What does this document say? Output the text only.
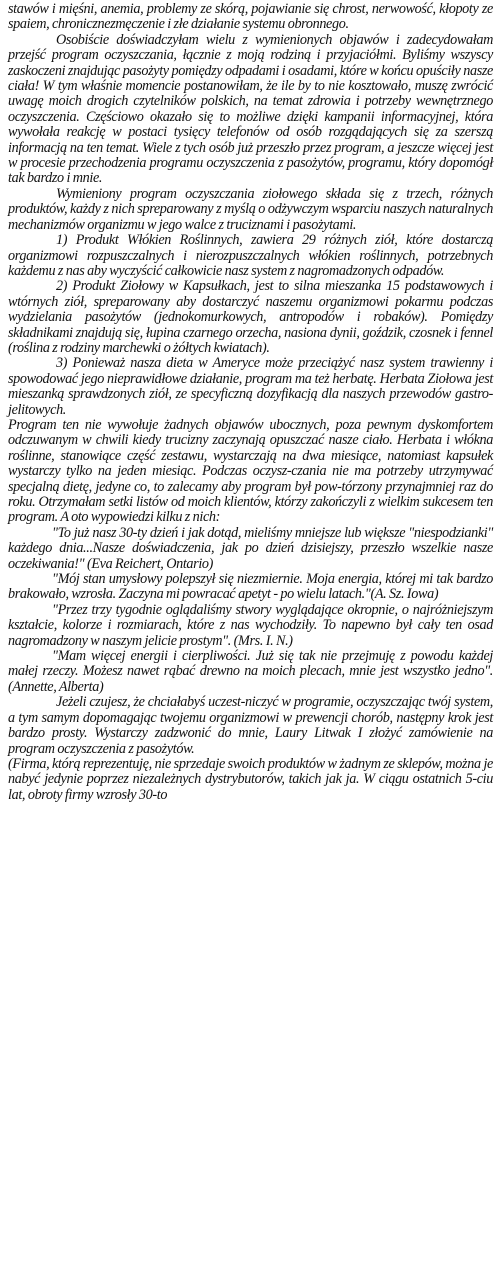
stawów i mięśni, anemia, problemy ze skórą, pojawianie się chrost, nerwowość, kłopoty ze spaiem, chronicznezmęczenie i złe działanie systemu obronnego.

Osobiście doświadczyłam wielu z wymienionych objawów i zadecydowałam przejść program oczyszczania, łącznie z moją rodziną i przyjaciółmi. Byliśmy wszyscy zaskoczeni znajdując pasożyty pomiędzy odpadami i osadami, które w końcu opuściły nasze ciała! W tym właśnie momencie postanowiłam, że ile by to nie kosztowało, muszę zwrócić uwagę moich drogich czytelników polskich, na temat zdrowia i potrzeby wewnętrznego oczyszczenia. Częściowo okazało się to możliwe dzięki kampanii informacyjnej, która wywołała reakcję w postaci tysięcy telefonów od osób rozgądających się za szerszą informacją na ten temat. Wiele z tych osób już przeszło przez program, a jeszcze więcej jest w procesie przechodzenia programu oczyszczenia z pasożytów, programu, który dopomógł tak bardzo i mnie.

Wymieniony program oczyszczania ziołowego składa się z trzech, różnych produktów, każdy z nich spreparowany z myślą o odżywczym wsparciu naszych naturalnych mechanizmów organizmu w jego walce z truciznami i pasożytami.

1) Produkt Włókien Roślinnych, zawiera 29 różnych ziół, które dostarczą organizmowi rozpuszczalnych i nierozpuszczalnych włókien roślinnych, potrzebnych każdemu z nas aby wyczyścić całkowicie nasz system z nagromadzonych odpadów.

2) Produkt Ziołowy w Kapsułkach, jest to silna mieszanka 15 podstawowych i wtórnych ziół, spreparowany aby dostarczyć naszemu organizmowi pokarmu podczas wydzielania pasożytów (jednokomurkowych, antropodów i robaków). Pomiędzy składnikami znajdują się, łupina czarnego orzecha, nasiona dynii, goździk, czosnek i fennel (roślina z rodziny marchewki o żółtych kwiatach).

3) Ponieważ nasza dieta w Ameryce może przeciążyć nasz system trawienny i spowodować jego nieprawidłowe działanie, program ma też herbatę. Herbata Ziołowa jest mieszanką sprawdzonych ziół, ze specyficzną dozyfikacją dla naszych przewodów gastro-jelitowych.

Program ten nie wywołuje żadnych objawów ubocznych, poza pewnym dyskomfortem odczuwanym w chwili kiedy trucizny zaczynają opuszczać nasze ciało. Herbata i włókna roślinne, stanowiące część zestawu, wystarczają na dwa miesiące, natomiast kapsułek wystarczy tylko na jeden miesiąc. Podczas oczysz-czania nie ma potrzeby utrzymywać specjalną dietę, jedyne co, to zalecamy aby program był pow-tórzony przynajmniej raz do roku. Otrzymałam setki listów od moich klientów, którzy zakończyli z wielkim sukcesem ten program. A oto wypowiedzi kilku z nich:

"To już nasz 30-ty dzień i jak dotąd, mieliśmy mniejsze lub większe "niespodzianki" każdego dnia...Nasze doświadczenia, jak po dzień dzisiejszy, przeszło wszelkie nasze oczekiwania!" (Eva Reichert, Ontario)

"Mój stan umysłowy polepszył się niezmiernie. Moja energia, której mi tak bardzo brakowało, wzrosła. Zaczyna mi powracać apetyt - po wielu latach."(A. Sz. Iowa)

"Przez trzy tygodnie oglądaliśmy stwory wyglądające okropnie, o najróżniejszym kształcie, kolorze i rozmiarach, które z nas wychodziły. To napewno był cały ten osad nagromadzony w naszym jelicie prostym". (Mrs. I. N.)

"Mam więcej energii i cierpliwości. Już się tak nie przejmuję z powodu każdej małej rzeczy. Możesz nawet rąbać drewno na moich plecach, mnie jest wszystko jedno". (Annette, Alberta)

Jeżeli czujesz, że chciałabyś uczest-niczyć w programie, oczyszczając twój system, a tym samym dopomagając twojemu organizmowi w prewencji chorób, następny krok jest bardzo prosty. Wystarczy zadzwonić do mnie, Laury Litwak I złożyć zamówienie na program oczyszczenia z pasożytów.

(Firma, którą reprezentuję, nie sprzedaje swoich produktów w żadnym ze sklepów, można je nabyć jedynie poprzez niezależnych dystrybutorów, takich jak ja. W ciągu ostatnich 5-ciu lat, obroty firmy wzrosły 30-to
